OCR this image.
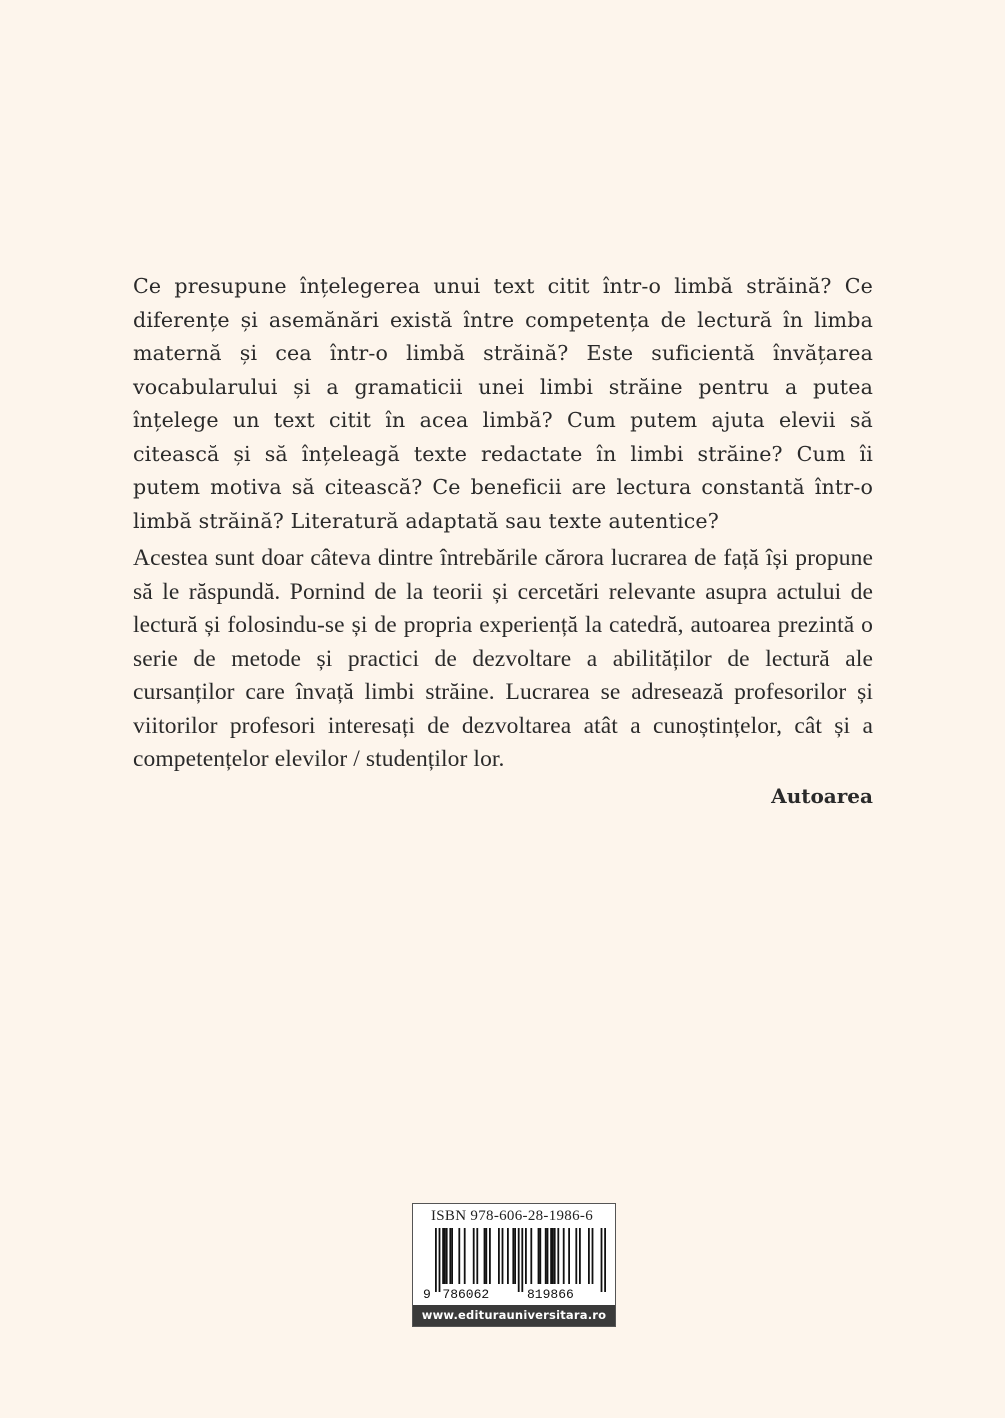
Ce presupune înțelegerea unui text citit într-o limbă străină? Ce diferențe și asemănări există între competența de lectură în limba maternă și cea într-o limbă străină? Este suficientă învățarea vocabularului și a gramaticii unei limbi străine pentru a putea înțelege un text citit în acea limbă? Cum putem ajuta elevii să citească și să înțeleagă texte redactate în limbi străine? Cum îi putem motiva să citească? Ce beneficii are lectura constantă într-o limbă străină? Literatură adaptată sau texte autentice?

Acestea sunt doar câteva dintre întrebările cărora lucrarea de față își propune să le răspundă. Pornind de la teorii și cercetări relevante asupra actului de lectură și folosindu-se și de propria experiență la catedră, autoarea prezintă o serie de metode și practici de dezvoltare a abilităților de lectură ale cursanților care învață limbi străine. Lucrarea se adresează profesorilor și viitorilor profesori interesați de dezvoltarea atât a cunoștințelor, cât și a competențelor elevilor / studenților lor.

Autoarea
ISBN 978-606-28-1986-6
9 786062	819866
www.editurauniversitara.ro
